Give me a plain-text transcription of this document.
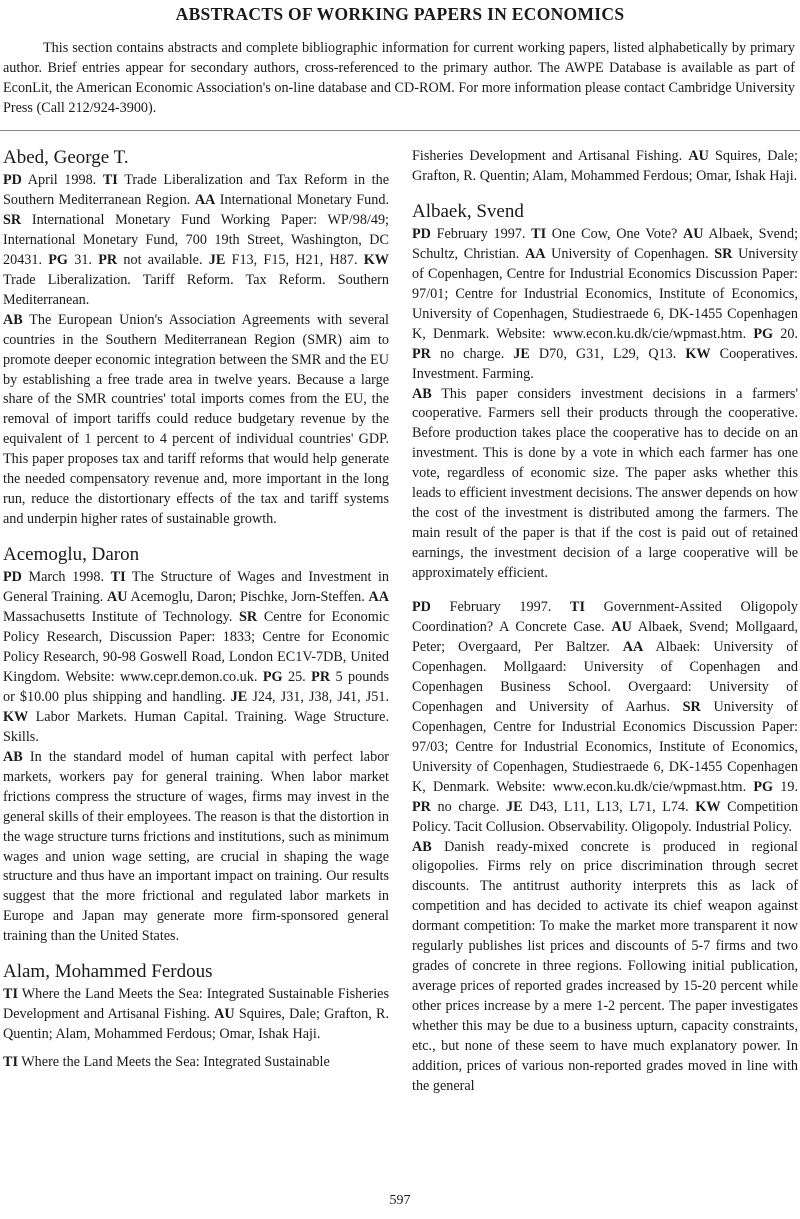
ABSTRACTS OF WORKING PAPERS IN ECONOMICS

This section contains abstracts and complete bibliographic information for current working papers, listed alphabetically by primary author. Brief entries appear for secondary authors, cross-referenced to the primary author. The AWPE Database is available as part of EconLit, the American Economic Association's on-line database and CD-ROM. For more information please contact Cambridge University Press (Call 212/924-3900).

Abed, George T.

PD April 1998. TI Trade Liberalization and Tax Reform in the Southern Mediterranean Region. AA International Monetary Fund. SR International Monetary Fund Working Paper: WP/98/49; International Monetary Fund, 700 19th Street, Washington, DC 20431. PG 31. PR not available. JE F13, F15, H21, H87. KW Trade Liberalization. Tariff Reform. Tax Reform. Southern Mediterranean.

AB The European Union's Association Agreements with several countries in the Southern Mediterranean Region (SMR) aim to promote deeper economic integration between the SMR and the EU by establishing a free trade area in twelve years. Because a large share of the SMR countries' total imports comes from the EU, the removal of import tariffs could reduce budgetary revenue by the equivalent of 1 percent to 4 percent of individual countries' GDP. This paper proposes tax and tariff reforms that would help generate the needed compensatory revenue and, more important in the long run, reduce the distortionary effects of the tax and tariff systems and underpin higher rates of sustainable growth.

Acemoglu, Daron

PD March 1998. TI The Structure of Wages and Investment in General Training. AU Acemoglu, Daron; Pischke, Jorn-Steffen. AA Massachusetts Institute of Technology. SR Centre for Economic Policy Research, Discussion Paper: 1833; Centre for Economic Policy Research, 90-98 Goswell Road, London EC1V-7DB, United Kingdom. Website: www.cepr.demon.co.uk. PG 25. PR 5 pounds or $10.00 plus shipping and handling. JE J24, J31, J38, J41, J51. KW Labor Markets. Human Capital. Training. Wage Structure. Skills.

AB In the standard model of human capital with perfect labor markets, workers pay for general training. When labor market frictions compress the structure of wages, firms may invest in the general skills of their employees. The reason is that the distortion in the wage structure turns frictions and institutions, such as minimum wages and union wage setting, are crucial in shaping the wage structure and thus have an important impact on training. Our results suggest that the more frictional and regulated labor markets in Europe and Japan may generate more firm-sponsored general training than the United States.

Alam, Mohammed Ferdous

TI Where the Land Meets the Sea: Integrated Sustainable Fisheries Development and Artisanal Fishing. AU Squires, Dale; Grafton, R. Quentin; Alam, Mohammed Ferdous; Omar, Ishak Haji.

TI Where the Land Meets the Sea: Integrated Sustainable

Fisheries Development and Artisanal Fishing. AU Squires, Dale; Grafton, R. Quentin; Alam, Mohammed Ferdous; Omar, Ishak Haji.

Albaek, Svend

PD February 1997. TI One Cow, One Vote? AU Albaek, Svend; Schultz, Christian. AA University of Copenhagen. SR University of Copenhagen, Centre for Industrial Economics Discussion Paper: 97/01; Centre for Industrial Economics, Institute of Economics, University of Copenhagen, Studiestraede 6, DK-1455 Copenhagen K, Denmark. Website: www.econ.ku.dk/cie/wpmast.htm. PG 20. PR no charge. JE D70, G31, L29, Q13. KW Cooperatives. Investment. Farming.

AB This paper considers investment decisions in a farmers' cooperative. Farmers sell their products through the cooperative. Before production takes place the cooperative has to decide on an investment. This is done by a vote in which each farmer has one vote, regardless of economic size. The paper asks whether this leads to efficient investment decisions. The answer depends on how the cost of the investment is distributed among the farmers. The main result of the paper is that if the cost is paid out of retained earnings, the investment decision of a large cooperative will be approximately efficient.

PD February 1997. TI Government-Assited Oligopoly Coordination? A Concrete Case. AU Albaek, Svend; Mollgaard, Peter; Overgaard, Per Baltzer. AA Albaek: University of Copenhagen. Mollgaard: University of Copenhagen and Copenhagen Business School. Overgaard: University of Copenhagen and University of Aarhus. SR University of Copenhagen, Centre for Industrial Economics Discussion Paper: 97/03; Centre for Industrial Economics, Institute of Economics, University of Copenhagen, Studiestraede 6, DK-1455 Copenhagen K, Denmark. Website: www.econ.ku.dk/cie/wpmast.htm. PG 19. PR no charge. JE D43, L11, L13, L71, L74. KW Competition Policy. Tacit Collusion. Observability. Oligopoly. Industrial Policy.

AB Danish ready-mixed concrete is produced in regional oligopolies. Firms rely on price discrimination through secret discounts. The antitrust authority interprets this as lack of competition and has decided to activate its chief weapon against dormant competition: To make the market more transparent it now regularly publishes list prices and discounts of 5-7 firms and two grades of concrete in three regions. Following initial publication, average prices of reported grades increased by 15-20 percent while other prices increase by a mere 1-2 percent. The paper investigates whether this may be due to a business upturn, capacity constraints, etc., but none of these seem to have much explanatory power. In addition, prices of various non-reported grades moved in line with the general

597
